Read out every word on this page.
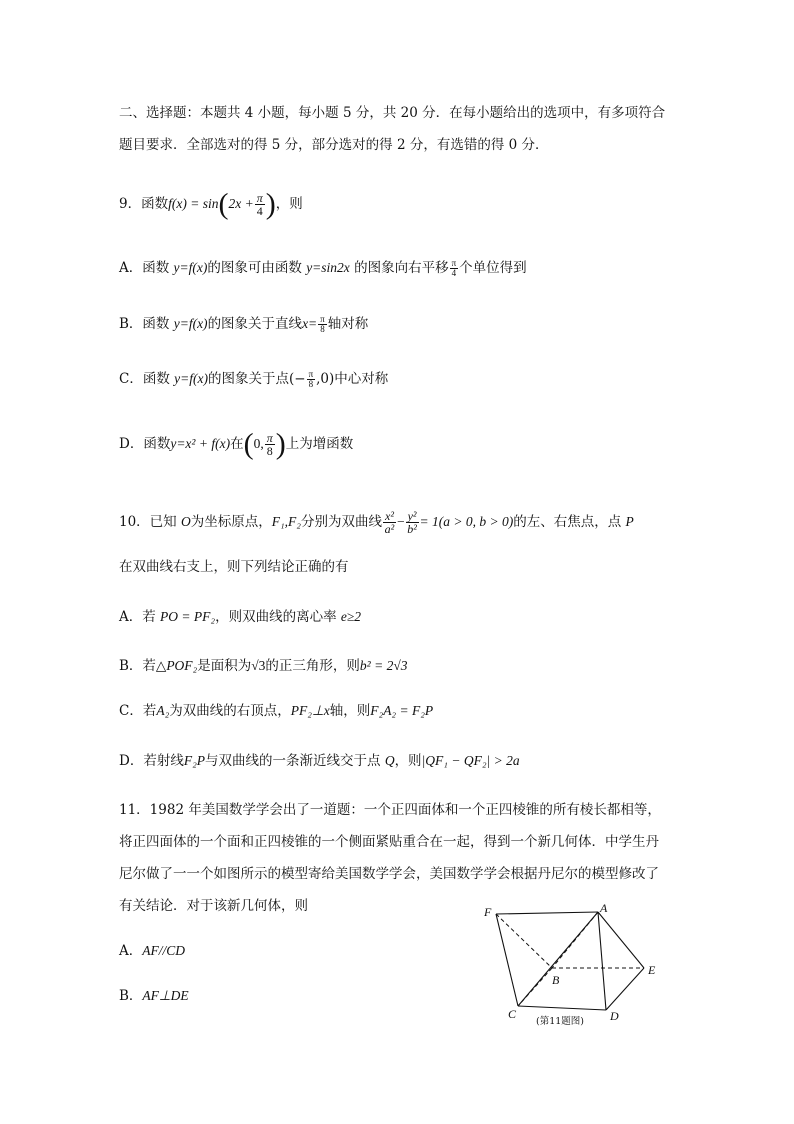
二、选择题：本题共 4 小题，每小题 5 分，共 20 分．在每小题给出的选项中，有多项符合
题目要求．全部选对的得 5 分，部分选对的得 2 分，有选错的得 0 分．
9．函数$f(x) = \sin(2x + \frac{\pi}{4}$ )，则
A．函数 y=f(x)的图象可由函数 y=sin2x 的图象向右平移 $\frac{\pi}{4}$ 个单位得到
B．函数 y=f(x)的图象关于直线$x= \frac{\pi}{8}$ 轴对称
C．函数 y=f(x)的图象关于点(− $\frac{\pi}{8} ,0$)中心对称
D．函数y=x² + f(x)在(0, $\frac{\pi}{8}$ )上为增函数
10．已知 O为坐标原点，F₁,F₂分别为双曲线 $\frac{\text{x²}}{\text{a²}} - \frac{\text{y²}}{\text{b²}} = 1(a > 0$, b > 0)的左、右焦点，点 P
在双曲线右支上，则下列结论正确的有
A．若 PO = PF₂，则双曲线的离心率 e≥2
B．若△POF₂是面积为√3的正三角形，则b² = 2√3
C．若A₂为双曲线的右顶点，PF₂⊥x轴，则F₂A₂ = F₂P
D．若射线F₂P与双曲线的一条渐近线交于点 Q，则|QF₁ − QF₂| > 2a
11．1982 年美国数学学会出了一道题：一个正四面体和一个正四棱锥的所有棱长都相等，
将正四面体的一个面和正四棱锥的一个侧面紧贴重合在一起，得到一个新几何体．中学生丹
尼尔做了一一个如图所示的模型寄给美国数学学会，美国数学学会根据丹尼尔的模型修改了
有关结论．对于该新几何体，则
A．AF//CD
B．AF⊥DE
F	A
E
B
C	D
(第11题图)
